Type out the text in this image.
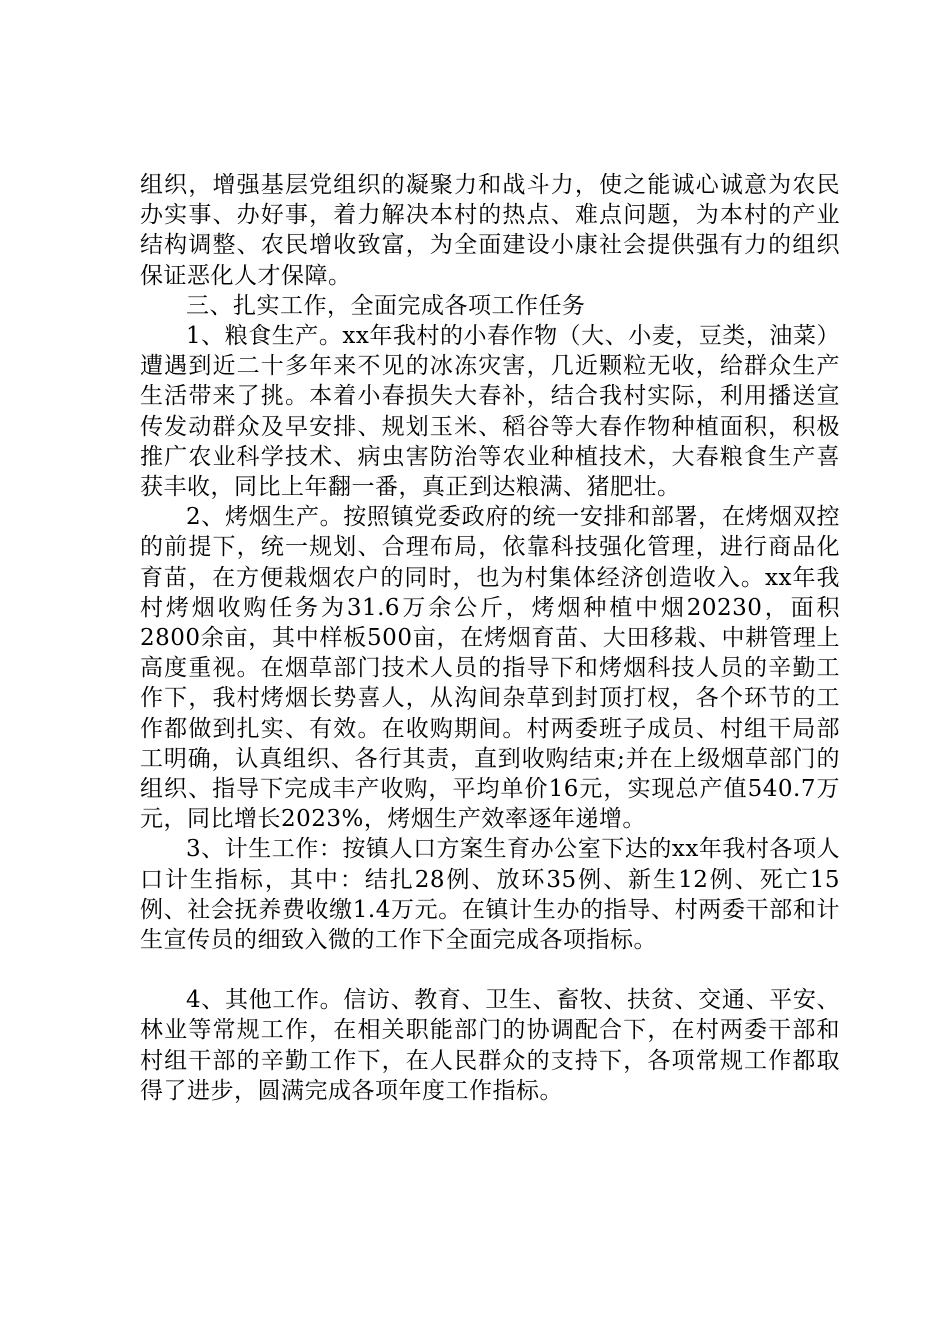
组织，增强基层党组织的凝聚力和战斗力，使之能诚心诚意为农民办实事、办好事，着力解决本村的热点、难点问题，为本村的产业结构调整、农民增收致富，为全面建设小康社会提供强有力的组织保证恶化人才保障。

三、扎实工作，全面完成各项工作任务

1、粮食生产。xx年我村的小春作物（大、小麦，豆类，油菜）遭遇到近二十多年来不见的冰冻灾害，几近颗粒无收，给群众生产生活带来了挑。本着小春损失大春补，结合我村实际，利用播送宣传发动群众及早安排、规划玉米、稻谷等大春作物种植面积，积极推广农业科学技术、病虫害防治等农业种植技术，大春粮食生产喜获丰收，同比上年翻一番，真正到达粮满、猪肥壮。

2、烤烟生产。按照镇党委政府的统一安排和部署，在烤烟双控的前提下，统一规划、合理布局，依靠科技强化管理，进行商品化育苗，在方便栽烟农户的同时，也为村集体经济创造收入。xx年我村烤烟收购任务为31.6万余公斤，烤烟种植中烟20230，面积2800余亩，其中样板500亩，在烤烟育苗、大田移栽、中耕管理上高度重视。在烟草部门技术人员的指导下和烤烟科技人员的辛勤工作下，我村烤烟长势喜人，从沟间杂草到封顶打杈，各个环节的工作都做到扎实、有效。在收购期间。村两委班子成员、村组干局部工明确，认真组织、各行其责，直到收购结束;并在上级烟草部门的组织、指导下完成丰产收购，平均单价16元，实现总产值540.7万元，同比增长2023%，烤烟生产效率逐年递增。

3、计生工作：按镇人口方案生育办公室下达的xx年我村各项人口计生指标，其中：结扎28例、放环35例、新生12例、死亡15例、社会抚养费收缴1.4万元。在镇计生办的指导、村两委干部和计生宣传员的细致入微的工作下全面完成各项指标。

4、其他工作。信访、教育、卫生、畜牧、扶贫、交通、平安、林业等常规工作，在相关职能部门的协调配合下，在村两委干部和村组干部的辛勤工作下，在人民群众的支持下，各项常规工作都取得了进步，圆满完成各项年度工作指标。
